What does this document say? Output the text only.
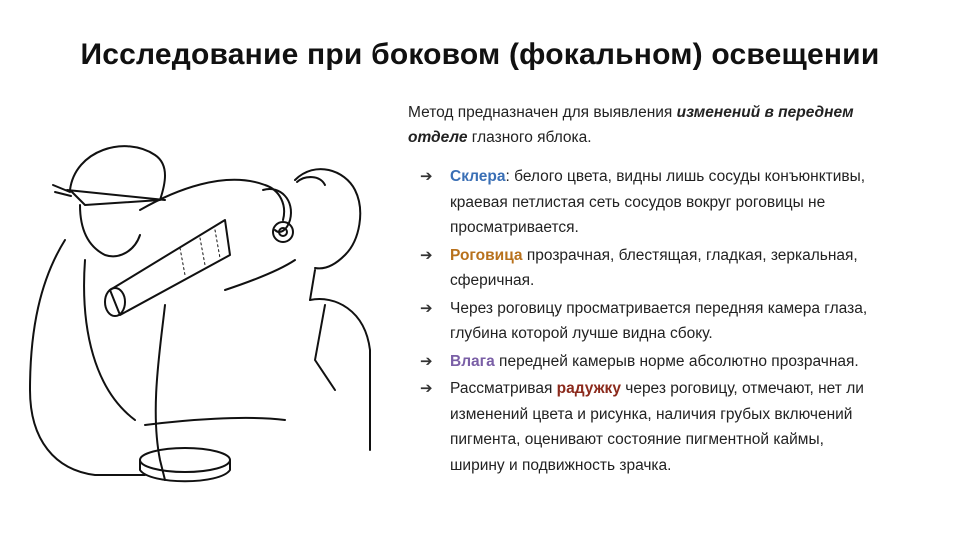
Исследование при боковом (фокальном) освещении

Метод предназначен для выявления изменений в переднем отделе глазного яблока.

➔ Склера: белого цвета, видны лишь сосуды конъюнктивы, краевая петлистая сеть сосудов вокруг роговицы не просматривается.
➔ Роговица прозрачная, блестящая, гладкая, зеркальная, сферичная.
➔ Через роговицу просматривается передняя камера глаза, глубина которой лучше видна сбоку.
➔ Влага передней камерыв норме абсолютно прозрачная.
➔ Рассматривая радужку через роговицу, отмечают, нет ли изменений цвета и рисунка, наличия грубых включений пигмента, оценивают состояние пигментной каймы, ширину и подвижность зрачка.
